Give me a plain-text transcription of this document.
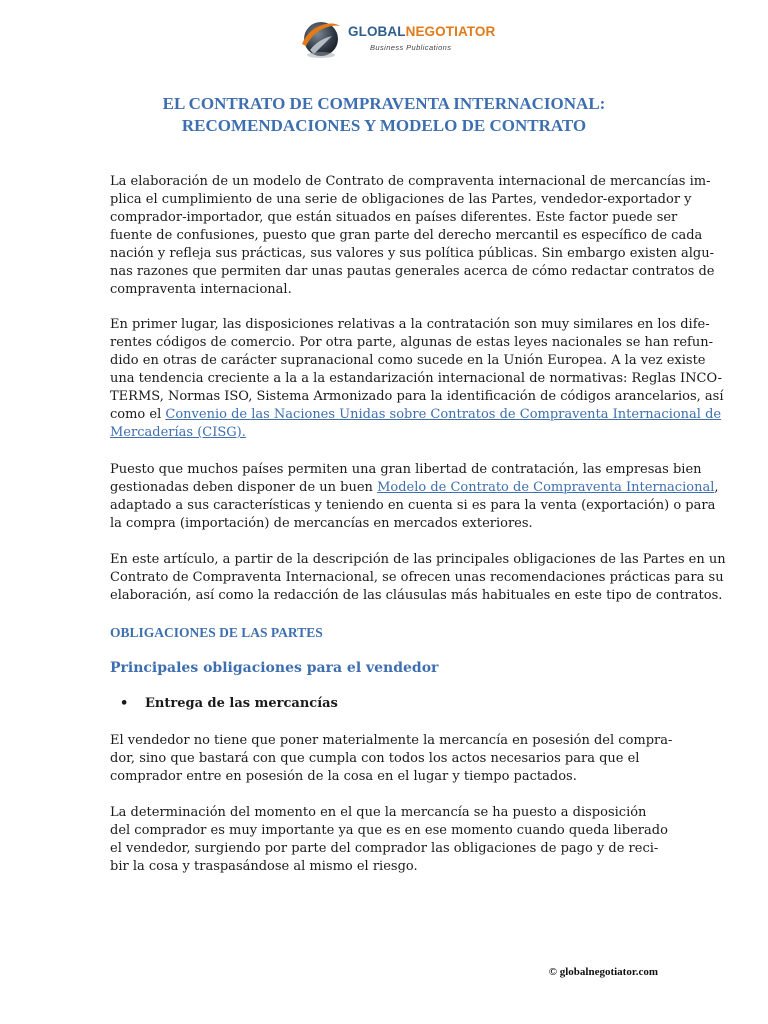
GLOBALNEGOTIATOR
Business Publications
EL CONTRATO DE COMPRAVENTA INTERNACIONAL:
RECOMENDACIONES Y MODELO DE CONTRATO
La elaboración de un modelo de Contrato de compraventa internacional de mercancías im-
plica el cumplimiento de una serie de obligaciones de las Partes, vendedor-exportador y
comprador-importador, que están situados en países diferentes. Este factor puede ser
fuente de confusiones, puesto que gran parte del derecho mercantil es específico de cada
nación y refleja sus prácticas, sus valores y sus política públicas. Sin embargo existen algu-
nas razones que permiten dar unas pautas generales acerca de cómo redactar contratos de
compraventa internacional.
En primer lugar, las disposiciones relativas a la contratación son muy similares en los dife-
rentes códigos de comercio. Por otra parte, algunas de estas leyes nacionales se han refun-
dido en otras de carácter supranacional como sucede en la Unión Europea. A la vez existe
una tendencia creciente a la a la estandarización internacional de normativas: Reglas INCO-
TERMS, Normas ISO, Sistema Armonizado para la identificación de códigos arancelarios, así
como el Convenio de las Naciones Unidas sobre Contratos de Compraventa Internacional de
Mercaderías (CISG).
Puesto que muchos países permiten una gran libertad de contratación, las empresas bien
gestionadas deben disponer de un buen Modelo de Contrato de Compraventa Internacional,
adaptado a sus características y teniendo en cuenta si es para la venta (exportación) o para
la compra (importación) de mercancías en mercados exteriores.
En este artículo, a partir de la descripción de las principales obligaciones de las Partes en un
Contrato de Compraventa Internacional, se ofrecen unas recomendaciones prácticas para su
elaboración, así como la redacción de las cláusulas más habituales en este tipo de contratos.
OBLIGACIONES DE LAS PARTES
Principales obligaciones para el vendedor
• Entrega de las mercancías
El vendedor no tiene que poner materialmente la mercancía en posesión del compra-
dor, sino que bastará con que cumpla con todos los actos necesarios para que el
comprador entre en posesión de la cosa en el lugar y tiempo pactados.
La determinación del momento en el que la mercancía se ha puesto a disposición
del comprador es muy importante ya que es en ese momento cuando queda liberado
el vendedor, surgiendo por parte del comprador las obligaciones de pago y de reci-
bir la cosa y traspasándose al mismo el riesgo.
© globalnegotiator.com
